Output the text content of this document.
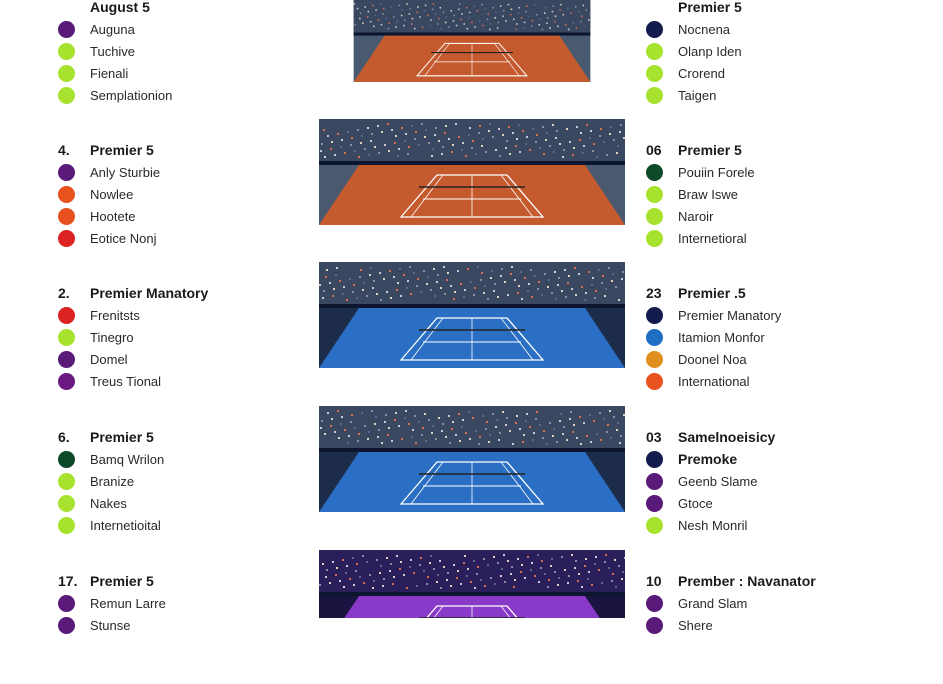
August 5
Auguna
Tuchive
Fienali
Semplationion
Premier 5
Nocnena
Olanp Iden
Crorend
Taigen
4.	Premier 5
Anly Sturbie
Nowlee
Hootete
Eotice Nonj
06	Premier 5
Pouiin Forele
Braw Iswe
Naroir
Internetioral
2.	Premier Manatory
Frenitsts
Tinegro
Domel
Treus Tional
23	Premier .5
Premier Manatory
Itamion Monfor
Doonel Noa
International
6.	Premier 5
Bamq Wrilon
Branize
Nakes
Internetioital
03	Samelnoeisicy
Premoke
Geenb Slame
Gtoce
Nesh Monril
17. Premier 5
Remun Larre
Stunse
10	Prember : Navanator
Grand Slam
Shere
